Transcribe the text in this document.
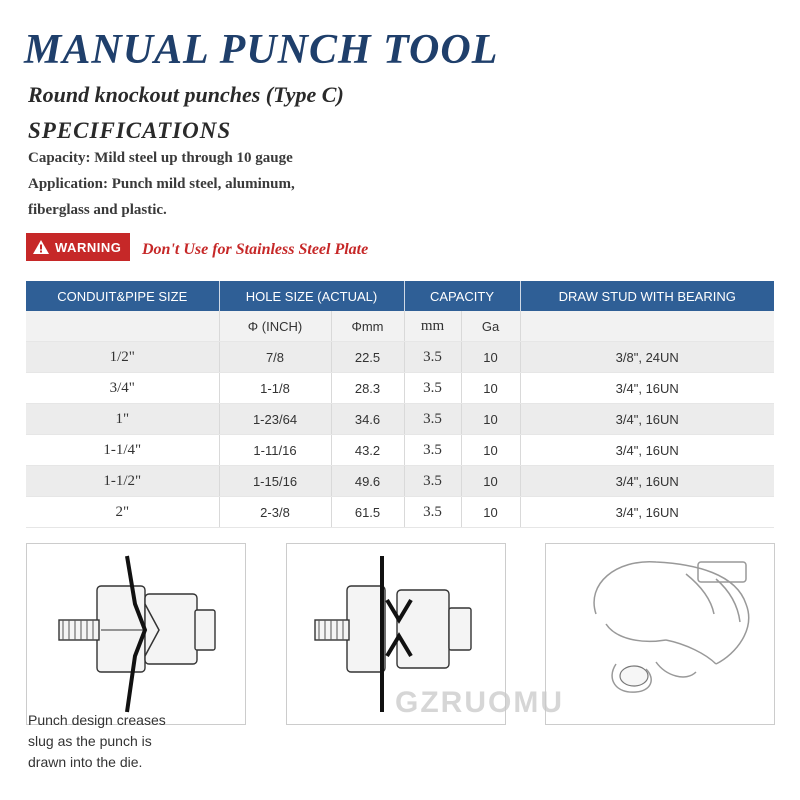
MANUAL PUNCH TOOL
Round knockout punches (Type C)
SPECIFICATIONS
Capacity: Mild steel up through 10 gauge
Application: Punch mild steel, aluminum,
fiberglass and plastic.
WARNING Don't Use for Stainless Steel Plate
CONDUIT&PIPE SIZE	HOLE SIZE (ACTUAL)		CAPACITY		DRAW STUD WITH BEARING
	Φ (INCH)	Φmm	mm	Ga	
1/2"	7/8	22.5	3.5	10	3/8", 24UN
3/4"	1-1/8	28.3	3.5	10	3/4", 16UN
1"	1-23/64	34.6	3.5	10	3/4", 16UN
1-1/4"	1-11/16	43.2	3.5	10	3/4", 16UN
1-1/2"	1-15/16	49.6	3.5	10	3/4", 16UN
2"	2-3/8	61.5	3.5	10	3/4", 16UN
GZRUOMU
Punch design creases
slug as the punch is
drawn into the die.
